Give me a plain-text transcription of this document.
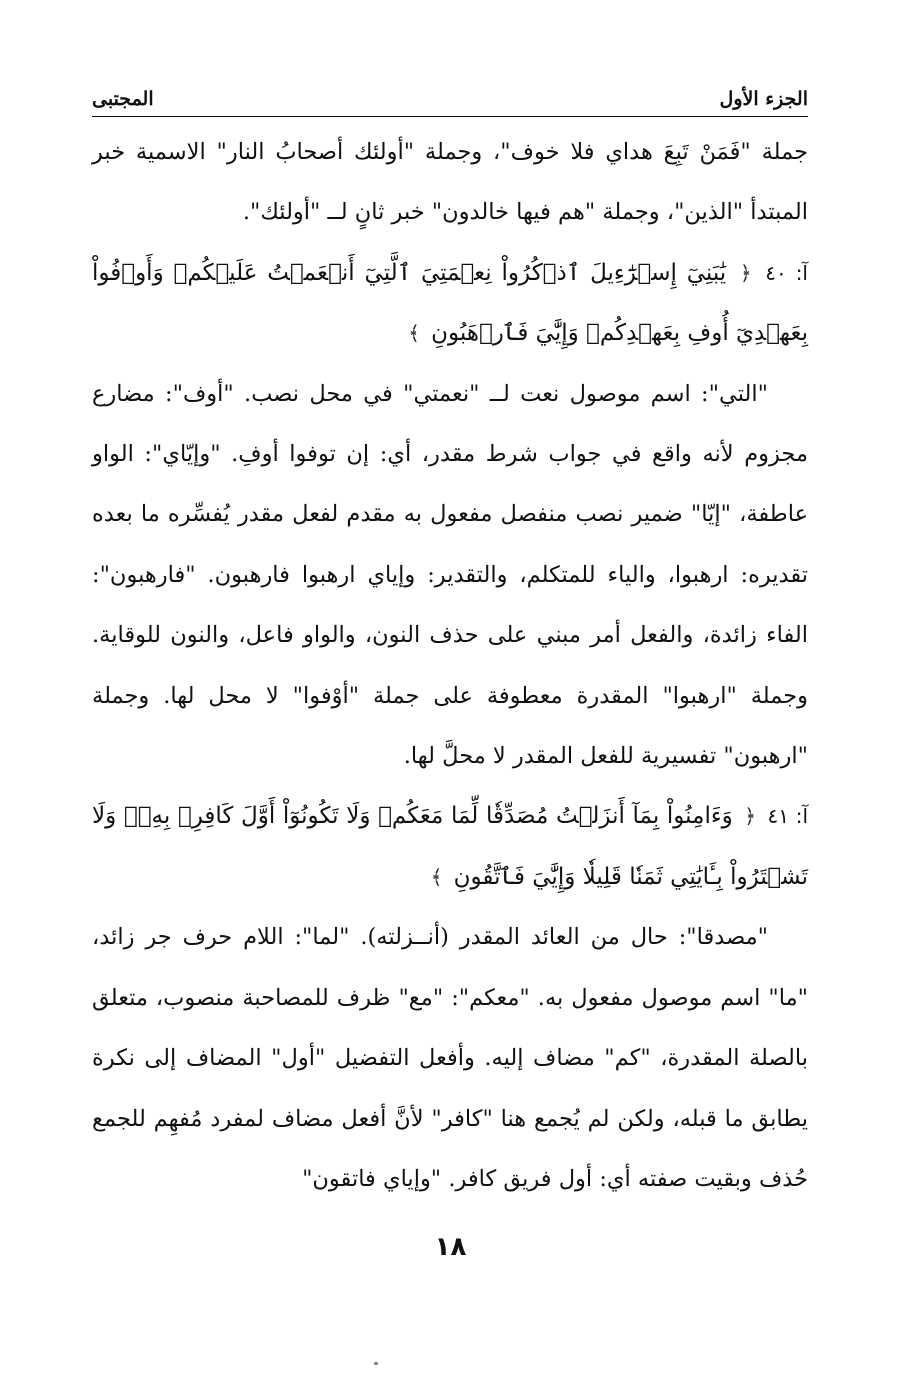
الجزء الأول
المجتبى

جملة "فَمَنْ تَبِعَ هداي فلا خوف"، وجملة "أولئك أصحابُ النار" الاسمية خبر المبتدأ "الذين"، وجملة "هم فيها خالدون" خبر ثانٍ لــ "أولئك".

آ: ٤٠ ﴿ يَٰبَنِيٓ إِسۡرَٰٓءِيلَ ٱذۡكُرُواْ نِعۡمَتِيَ ٱلَّتِيٓ أَنۡعَمۡتُ عَلَيۡكُمۡ وَأَوۡفُواْ بِعَهۡدِيٓ أُوفِ بِعَهۡدِكُمۡ وَإِيَّٰيَ فَٱرۡهَبُونِ ﴾

"التي": اسم موصول نعت لــ "نعمتي" في محل نصب. "أوف": مضارع مجزوم لأنه واقع في جواب شرط مقدر، أي: إن توفوا أوفِ. "وإيّاي": الواو عاطفة، "إيّا" ضمير نصب منفصل مفعول به مقدم لفعل مقدر يُفسِّره ما بعده تقديره: ارهبوا، والياء للمتكلم، والتقدير: وإياي ارهبوا فارهبون. "فارهبون": الفاء زائدة، والفعل أمر مبني على حذف النون، والواو فاعل، والنون للوقاية. وجملة "ارهبوا" المقدرة معطوفة على جملة "أوْفوا" لا محل لها. وجملة "ارهبون" تفسيرية للفعل المقدر لا محلَّ لها.

آ: ٤١ ﴿ وَءَامِنُواْ بِمَآ أَنزَلۡتُ مُصَدِّقٗا لِّمَا مَعَكُمۡ وَلَا تَكُونُوٓاْ أَوَّلَ كَافِرِۭ بِهِۦۖ وَلَا تَشۡتَرُواْ بِـَٔايَٰتِي ثَمَنٗا قَلِيلٗا وَإِيَّٰيَ فَٱتَّقُونِ ﴾

"مصدقا": حال من العائد المقدر (أنــزلته). "لما": اللام حرف جر زائد، "ما" اسم موصول مفعول به. "معكم": "مع" ظرف للمصاحبة منصوب، متعلق بالصلة المقدرة، "كم" مضاف إليه. وأفعل التفضيل "أول" المضاف إلى نكرة يطابق ما قبله، ولكن لم يُجمع هنا "كافر" لأنَّ أفعل مضاف لمفرد مُفهِم للجمع حُذف وبقيت صفته أي: أول فريق كافر. "وإياي فاتقون"

١٨
